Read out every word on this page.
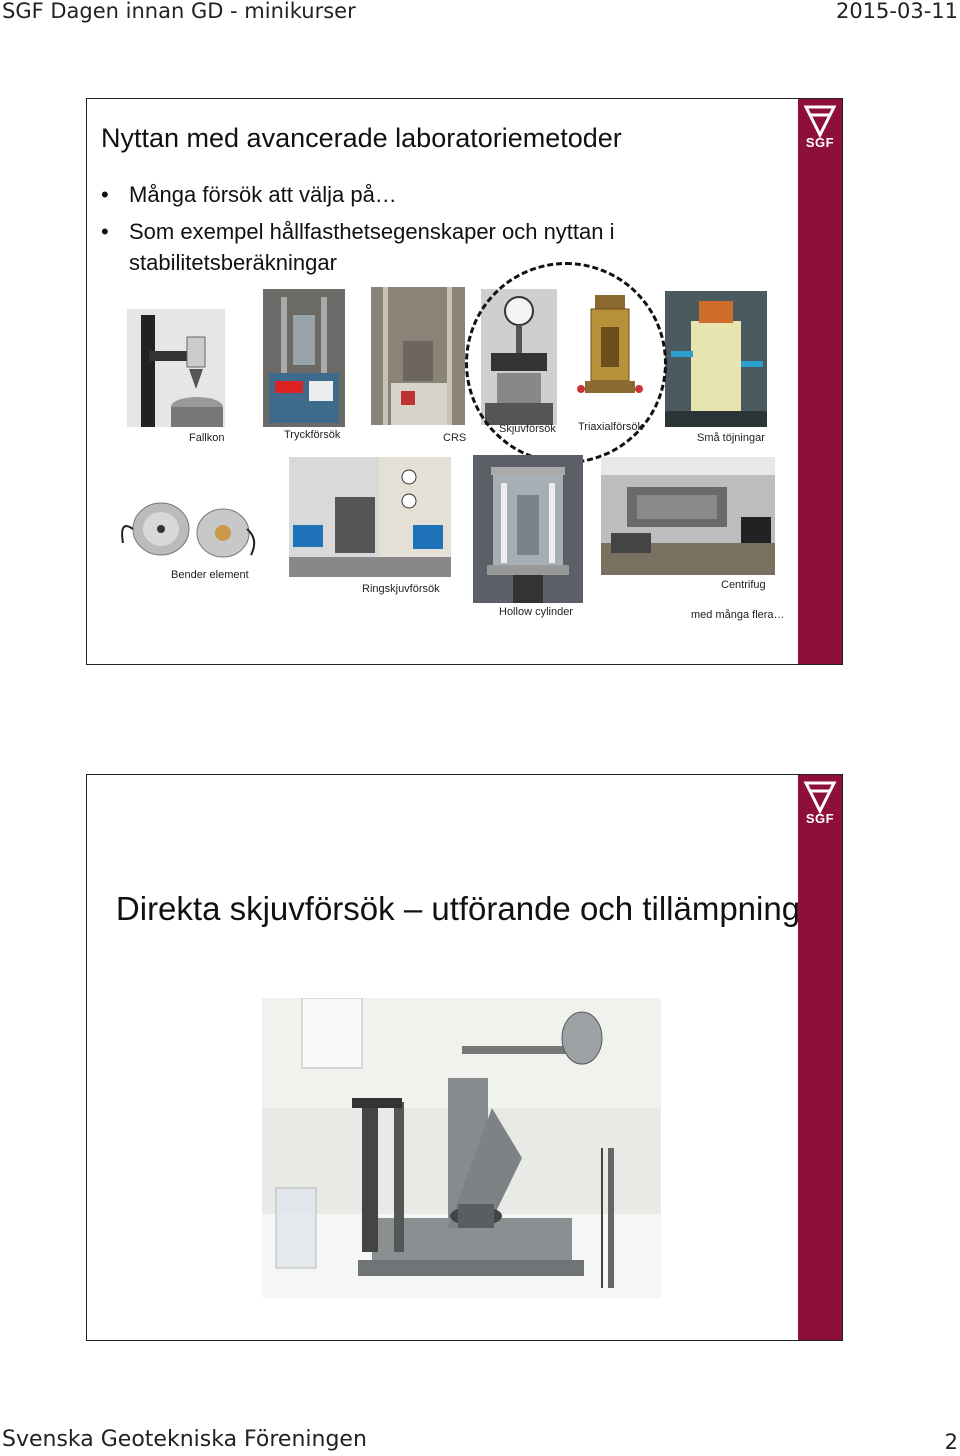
SGF Dagen innan GD - minikurser	2015-03-11
SGF
Nyttan med avancerade laboratoriemetoder
• Många försök att välja på…
• Som exempel hållfasthetsegenskaper och nyttan i stabilitetsberäkningar
Fallkon	Tryckförsök	CRS
Skjuvförsök Triaxialförsök
Små töjningar
Bender element
Ringskjuvförsök	Centrifug
Hollow cylinder	med många flera…
SGF
Direkta skjuvförsök – utförande och tillämpning
Svenska Geotekniska Föreningen	2
